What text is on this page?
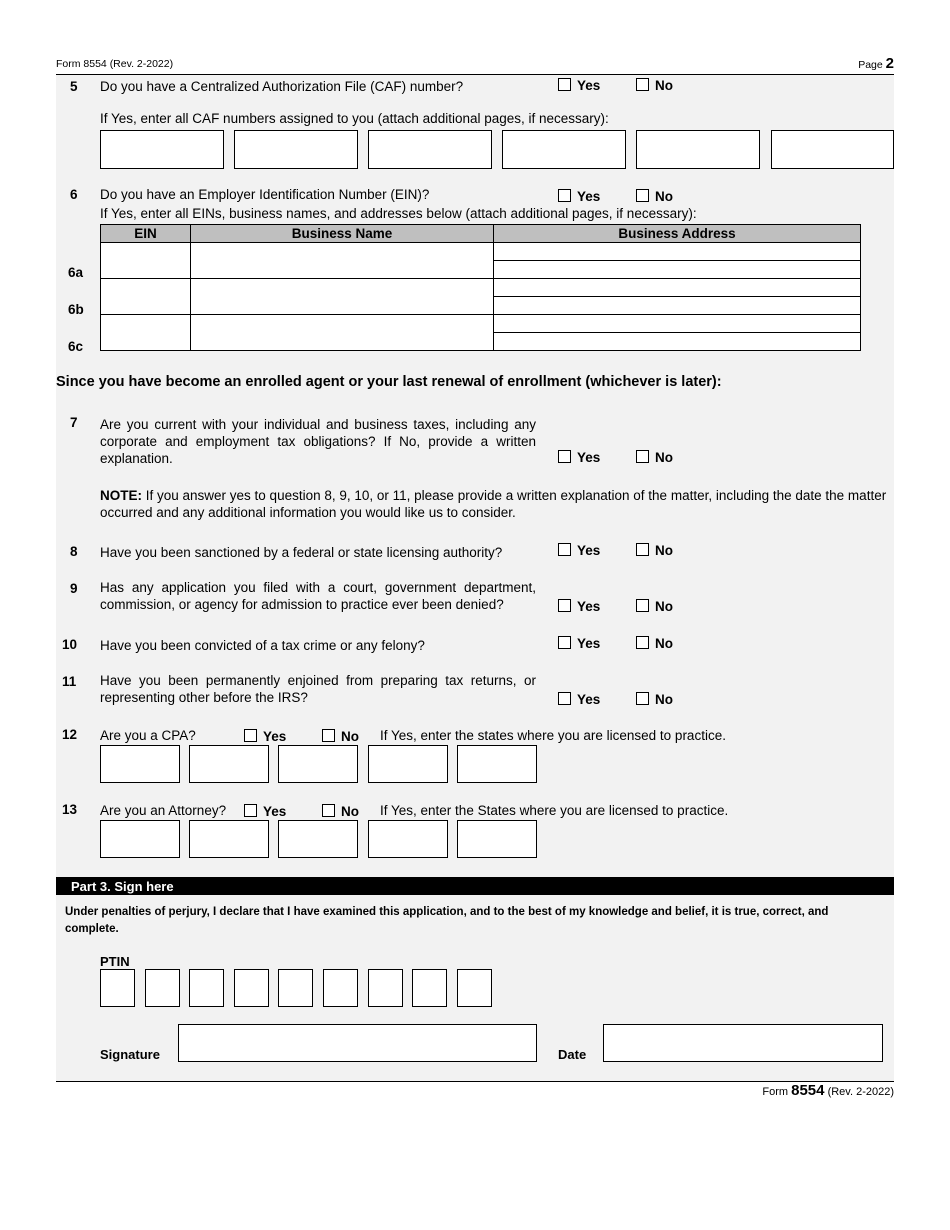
Form 8554 (Rev. 2-2022)	Page 2
5 Do you have a Centralized Authorization File (CAF) number?	Yes	No
If Yes, enter all CAF numbers assigned to you (attach additional pages, if necessary):
6 Do you have an Employer Identification Number (EIN)?	Yes	No
If Yes, enter all EINs, business names, and addresses below (attach additional pages, if necessary):
EIN	Business Name	Business Address

6a
6b
6c
Since you have become an enrolled agent or your last renewal of enrollment (whichever is later):
7 Are you current with your individual and business taxes, including any corporate and employment tax obligations? If No, provide a written explanation.	Yes	No
NOTE: If you answer yes to question 8, 9, 10, or 11, please provide a written explanation of the matter, including the date the matter occurred and any additional information you would like us to consider.
8 Have you been sanctioned by a federal or state licensing authority?	Yes	No
9 Has any application you filed with a court, government department, commission, or agency for admission to practice ever been denied?	Yes	No
10 Have you been convicted of a tax crime or any felony?	Yes	No
11 Have you been permanently enjoined from preparing tax returns, or representing other before the IRS?	Yes	No
12 Are you a CPA?	Yes	No If Yes, enter the states where you are licensed to practice.
13 Are you an Attorney?	Yes	No If Yes, enter the States where you are licensed to practice.
Part 3. Sign here
Under penalties of perjury, I declare that I have examined this application, and to the best of my knowledge and belief, it is true, correct, and complete.
PTIN
Signature	Date
Form 8554 (Rev. 2-2022)
